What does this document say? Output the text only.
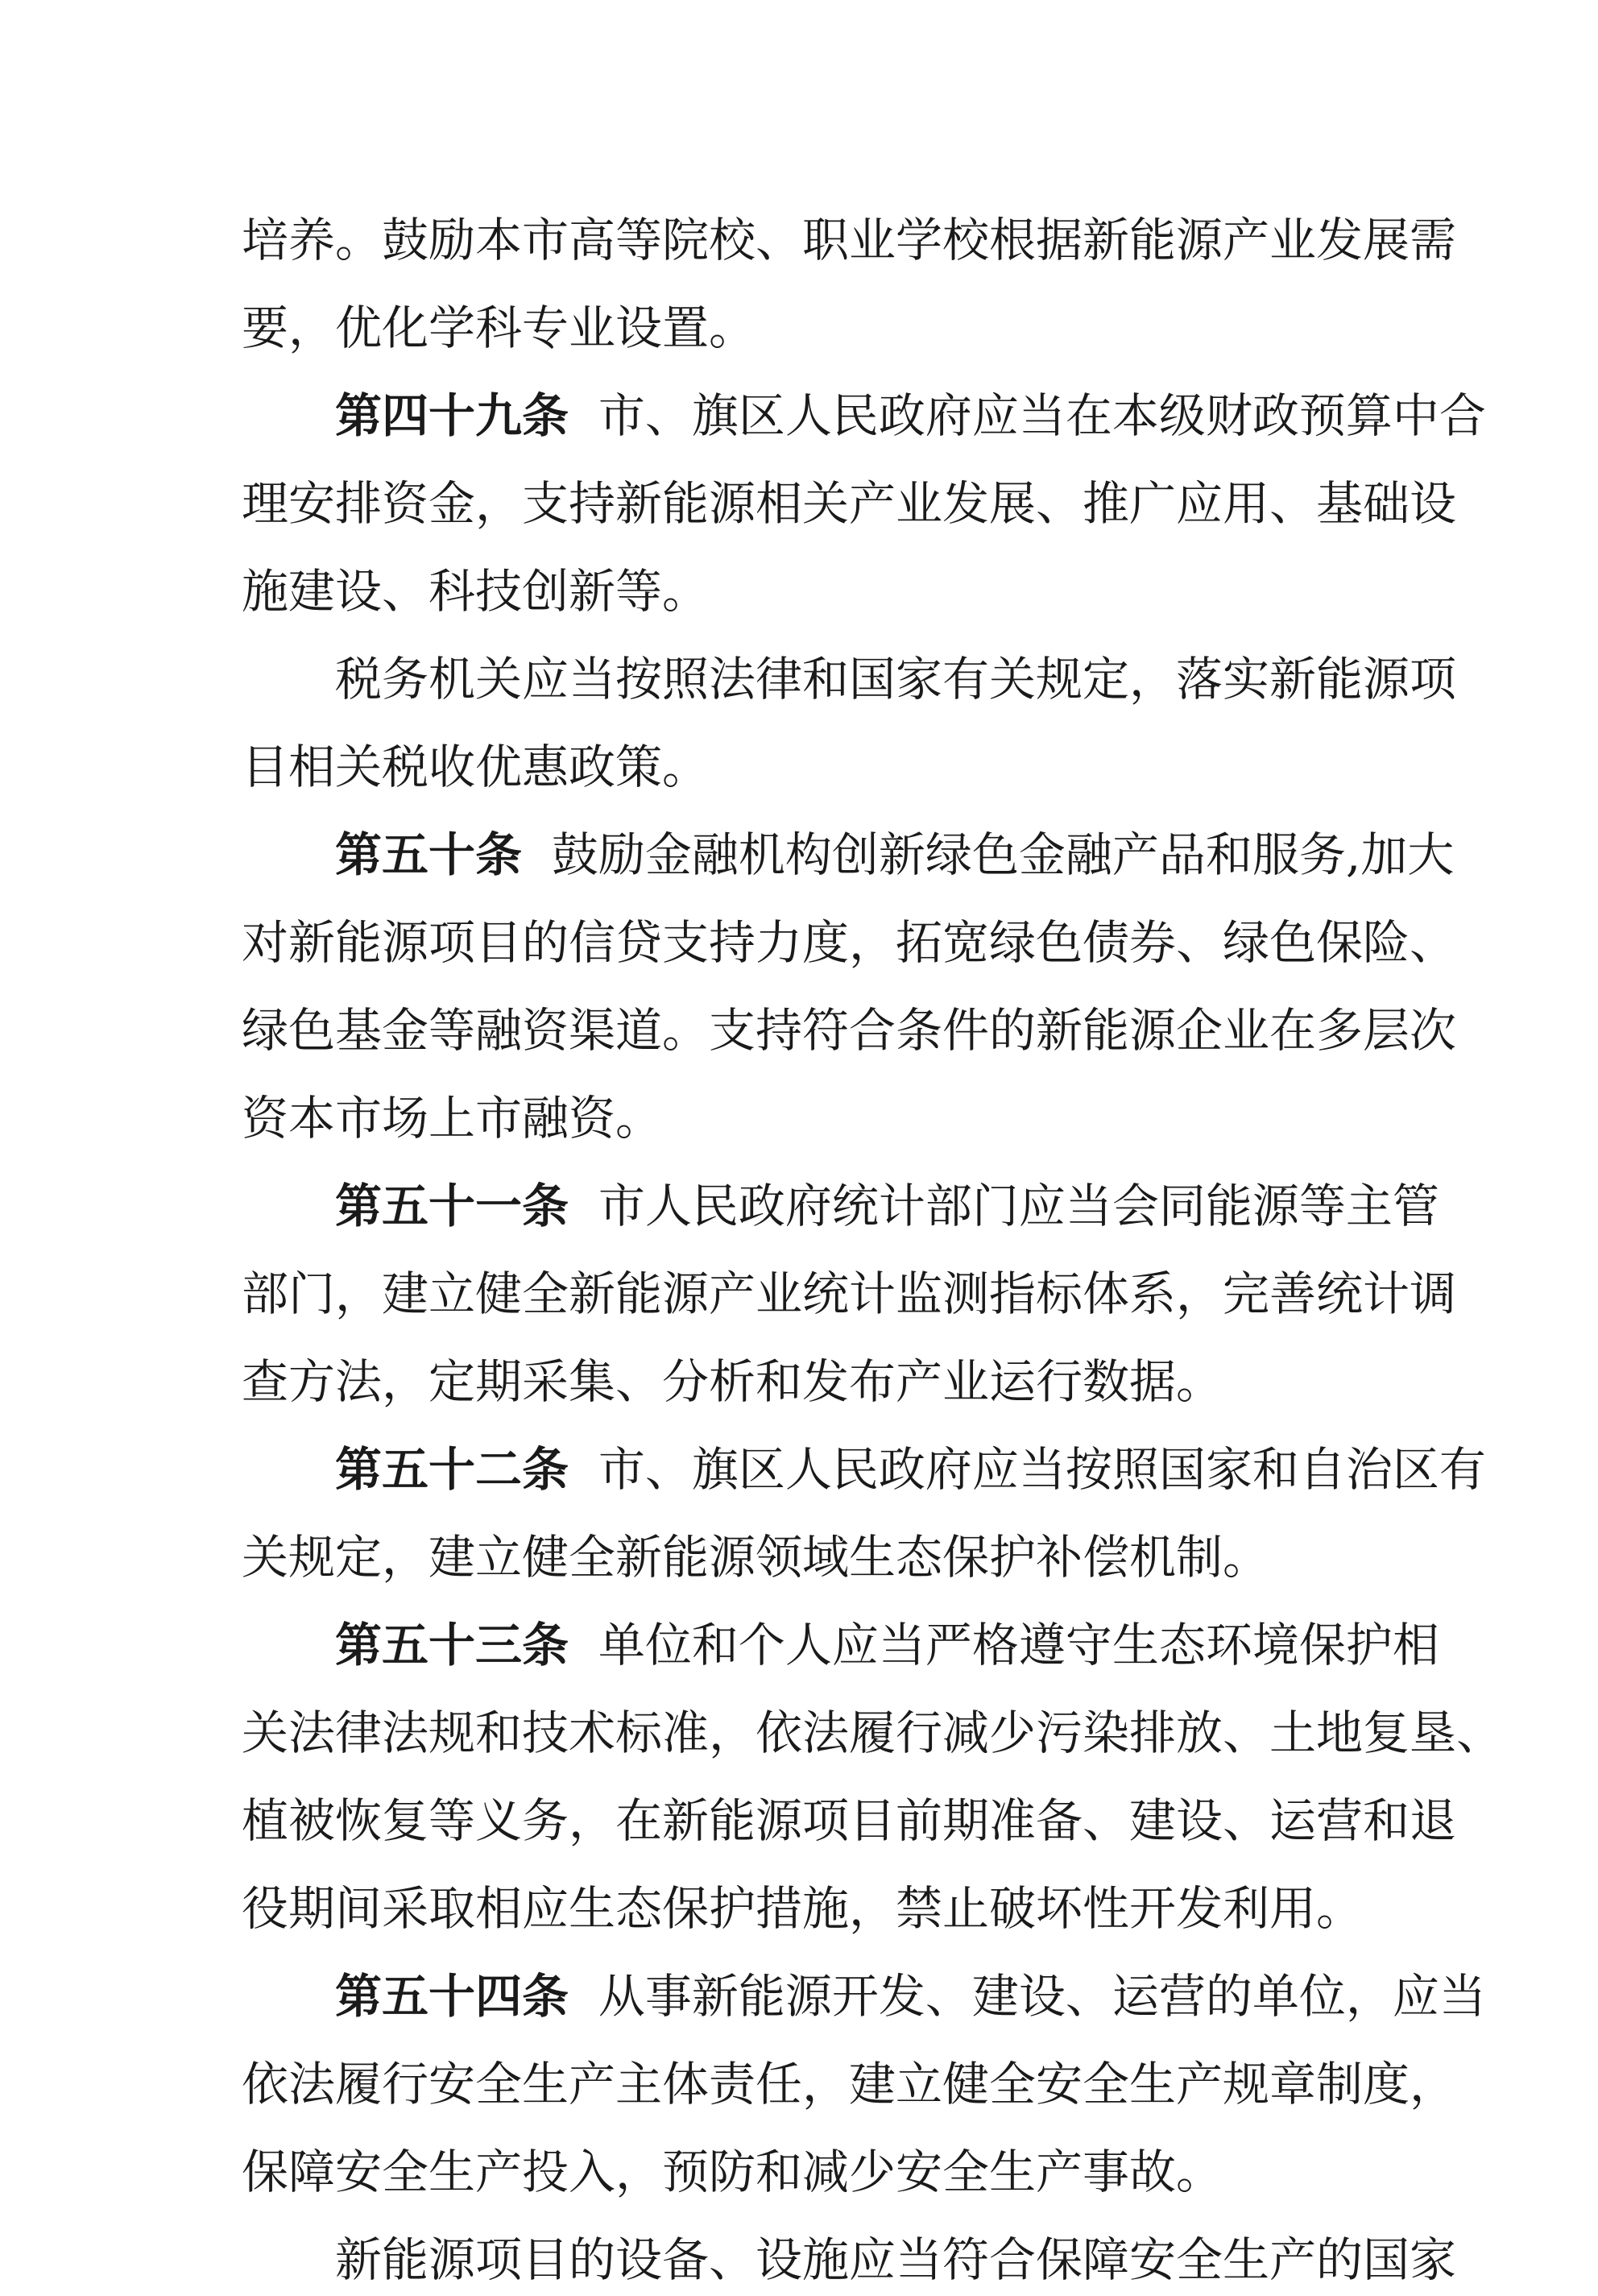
培养。鼓励本市高等院校、职业学校根据新能源产业发展需
要，优化学科专业设置。
第四十九条 市、旗区人民政府应当在本级财政预算中合
理安排资金，支持新能源相关产业发展、推广应用、基础设
施建设、科技创新等。
税务机关应当按照法律和国家有关规定，落实新能源项
目相关税收优惠政策。
第五十条 鼓励金融机构创新绿色金融产品和服务,加大
对新能源项目的信贷支持力度，拓宽绿色债券、绿色保险、
绿色基金等融资渠道。支持符合条件的新能源企业在多层次
资本市场上市融资。
第五十一条 市人民政府统计部门应当会同能源等主管
部门，建立健全新能源产业统计监测指标体系，完善统计调
查方法，定期采集、分析和发布产业运行数据。
第五十二条 市、旗区人民政府应当按照国家和自治区有
关规定，建立健全新能源领域生态保护补偿机制。
第五十三条 单位和个人应当严格遵守生态环境保护相
关法律法规和技术标准，依法履行减少污染排放、土地复垦、
植被恢复等义务，在新能源项目前期准备、建设、运营和退
役期间采取相应生态保护措施，禁止破坏性开发利用。
第五十四条 从事新能源开发、建设、运营的单位，应当
依法履行安全生产主体责任，建立健全安全生产规章制度，
保障安全生产投入，预防和减少安全生产事故。
新能源项目的设备、设施应当符合保障安全生产的国家
